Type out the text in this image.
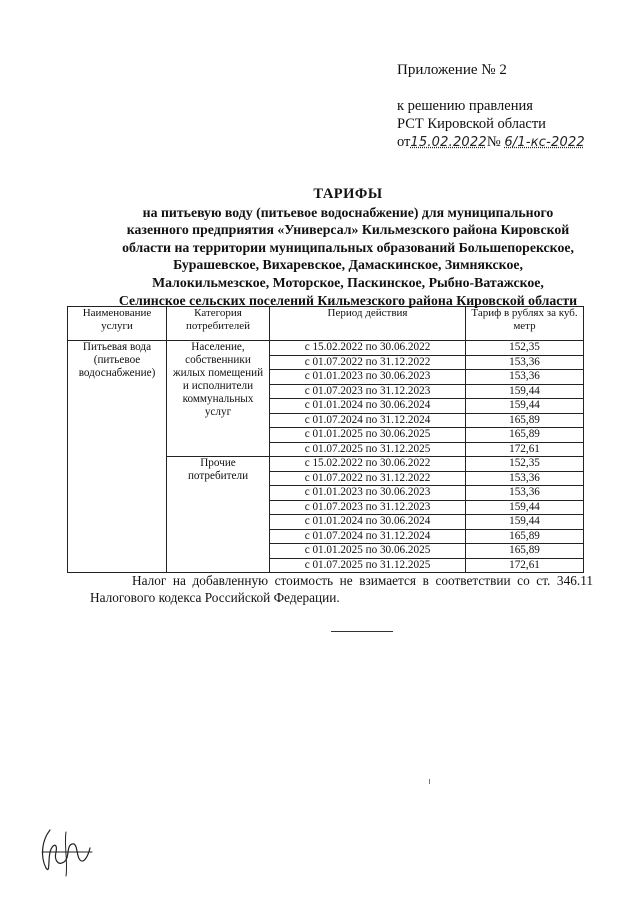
Приложение № 2
к решению правления
РСТ Кировской области
от15.02.2022№ 6/1-кс-2022
ТАРИФЫ
на питьевую воду (питьевое водоснабжение) для муниципального
казенного предприятия «Универсал» Кильмезского района Кировской
области на территории муниципальных образований Большепорекское,
Бурашевское, Вихаревское, Дамаскинское, Зимнякское,
Малокильмезское, Моторское, Паскинское, Рыбно-Ватажское,
Селинское сельских поселений Кильмезского района Кировской области
Наименование услуги	Категория потребителей	Период действия	Тариф в рублях за куб. метр
Питьевая вода (питьевое водоснабжение)	Население, собственники жилых помещений и исполнители коммунальных услуг	с 15.02.2022 по 30.06.2022	152,35
		с 01.07.2022 по 31.12.2022	153,36
		с 01.01.2023 по 30.06.2023	153,36
		с 01.07.2023 по 31.12.2023	159,44
		с 01.01.2024 по 30.06.2024	159,44
		с 01.07.2024 по 31.12.2024	165,89
		с 01.01.2025 по 30.06.2025	165,89
		с 01.07.2025 по 31.12.2025	172,61
	Прочие потребители	с 15.02.2022 по 30.06.2022	152,35
		с 01.07.2022 по 31.12.2022	153,36
		с 01.01.2023 по 30.06.2023	153,36
		с 01.07.2023 по 31.12.2023	159,44
		с 01.01.2024 по 30.06.2024	159,44
		с 01.07.2024 по 31.12.2024	165,89
		с 01.01.2025 по 30.06.2025	165,89
		с 01.07.2025 по 31.12.2025	172,61
Налог на добавленную стоимость не взимается в соответствии со ст. 346.11 Налогового кодекса Российской Федерации.
